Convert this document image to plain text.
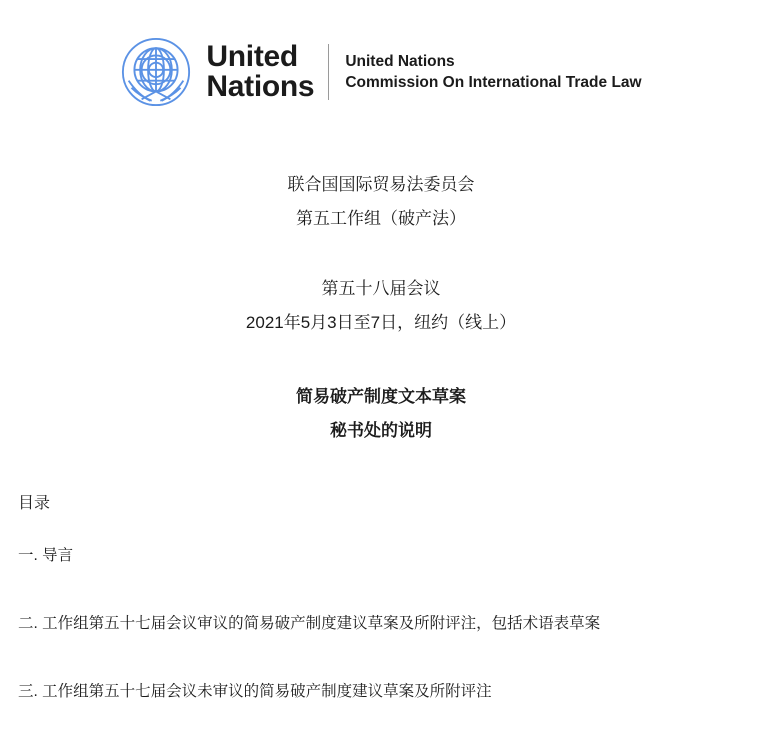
United
Nations
United Nations
Commission On International Trade Law
联合国国际贸易法委员会
第五工作组（破产法）
第五十八届会议
2021年5月3日至7日，纽约（线上）
简易破产制度文本草案
秘书处的说明
目录
一. 导言
二. 工作组第五十七届会议审议的简易破产制度建议草案及所附评注，包括术语表草案
三. 工作组第五十七届会议未审议的简易破产制度建议草案及所附评注
